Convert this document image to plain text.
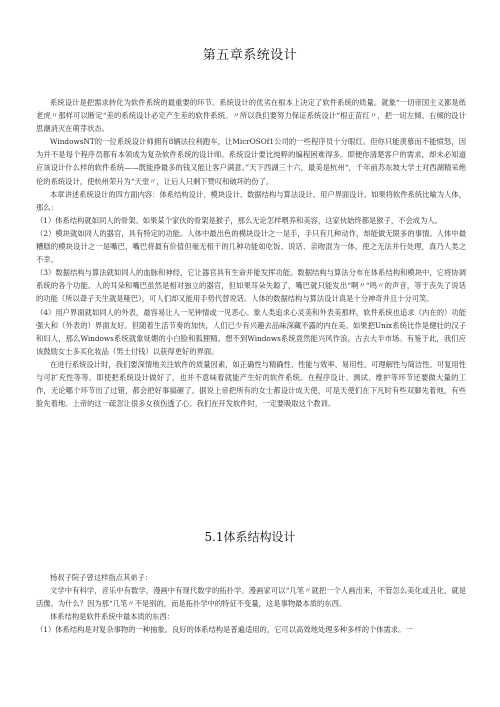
第五章系统设计

系统设计是把需求转化为软件系统的最重要的环节。系统设计的优劣在根本上决定了软件系统的质量。就象“一切帝国主义都是纸老虎〃那样可以断定“差的系统设计必定产生差的软件系统。〃所以我们要努力保证系统设计“根正苗红〃，把一切左倾、右倾的设计思潮消灭在萌芽状态。

WindowsNT的一位系统设计师拥有8辆法拉利跑车，让MicrOSOf1公司的一些程序员十分眼红。但你只能羡慕而不能愤怒，因为并不是每个程序员都有本领成为复杂软件系统的设计师。系统设计要比纯粹的编程困难得多。即便你清楚客户的需求，却未必知道应该设计什么样的软件系统——既能挣最多的钱又能让客户满意。”天下西湖三十六，最美是杭州“，千年前苏东坡大学士对西湖精采绝伦的系统设计，使杭州荣升为“天堂〃，让后人只剩下赞叹和破坏的份了。

本章讲述系统设计的四方面内容：体系结构设计、模块设计、数据结构与算法设计、用户界面设计。如果将软件系统比喻为人体，那么：

（1）体系结构就如同人的骨架。如果某个家伙的骨架是猴子，那么无论怎样喂养和美容，这家伙始终都是猴子，不会成为人。

（2）模块就如同人的器官，具有特定的功能。人体中最出色的模块设计之一是手，手只有几种动作，却能做无限多的事情。人体中最糟糕的模块设计之一是嘴巴，嘴巴将最有价值但毫无相干的几种功能如吃饭、说话、亲吻混为一体，使之无法并行处理，真乃人类之不幸。

（3）数据结构与算法就如同人的血脉和神经，它让器官具有生命并能发挥功能。数据结构与算法分布在体系结构和模块中，它将协调系统的各个功能。人的耳朵和嘴巴虽然是相对独立的器官，但如果耳朵失聪了，嘴巴就只能发出“啊〃“鸣〃的声音，等于丧失了说话的功能（所以聋子天生就是哑巴），可人们却又能用手势代替说话。人体的数据结构与算法设计真是十分神奇并且十分可笑。

（4）用户界面就如同人的外表，最容易让人一见钟情或一见恶心。象人类追求心灵美和外表美那样，软件系统也追求（内在的）功能强大和（外表的）界面友好。但随着生活节奏的加快，人们已少有兴趣去品味深藏不露的内在美。如果把Unix系统比作是健壮的汉子和妇人，那么Windows系统就象妩媚的小白脸和狐狸精。想不到Windows系统竟然能兴风作浪，古去大半市场。有鉴于此，我们应该鼓励女士多买化妆品（男士付钱）以获得更好的界面。

在进行系统设计时，我们要深情地关注软件的质量因素，如正确性与精确性、性能与效率、易用性、可理解性与简洁性、可复用性与可扩充性等等。即使把系统设计做好了，也并不意味着就能产生好的软件系统。在程序设计、测试、维护等环节还要做大量的工作，无论哪个环节出了过错，都会把好事搞砸了。据说上帝把所有的女士都设计成天使，可是天使们在下凡时有些双脚先着地，有些脸先着地。上帝的这一疏忽让很多女孩伤透了心。我们在开发软件时，一定要吸取这个教训。

5.1体系结构设计

杨叔子院子曾这样指点其弟子：

文学中有科学，音乐中有数学，漫画中有现代数学的拓扑学。漫画家可以“几笔〃就把一个人画出来，不管怎么美化或丑化，就是活像。为什么？因为那“几笔〃不是别的，而是拓扑学中的特征不变量，这是事物最本质的东西。

体系结构是软件系统中最本质的东西：

（1）体系结构是对复杂事物的一种抽象。良好的体系结构是普遍适用的，它可以高效地处理多种多样的个体需求。一
